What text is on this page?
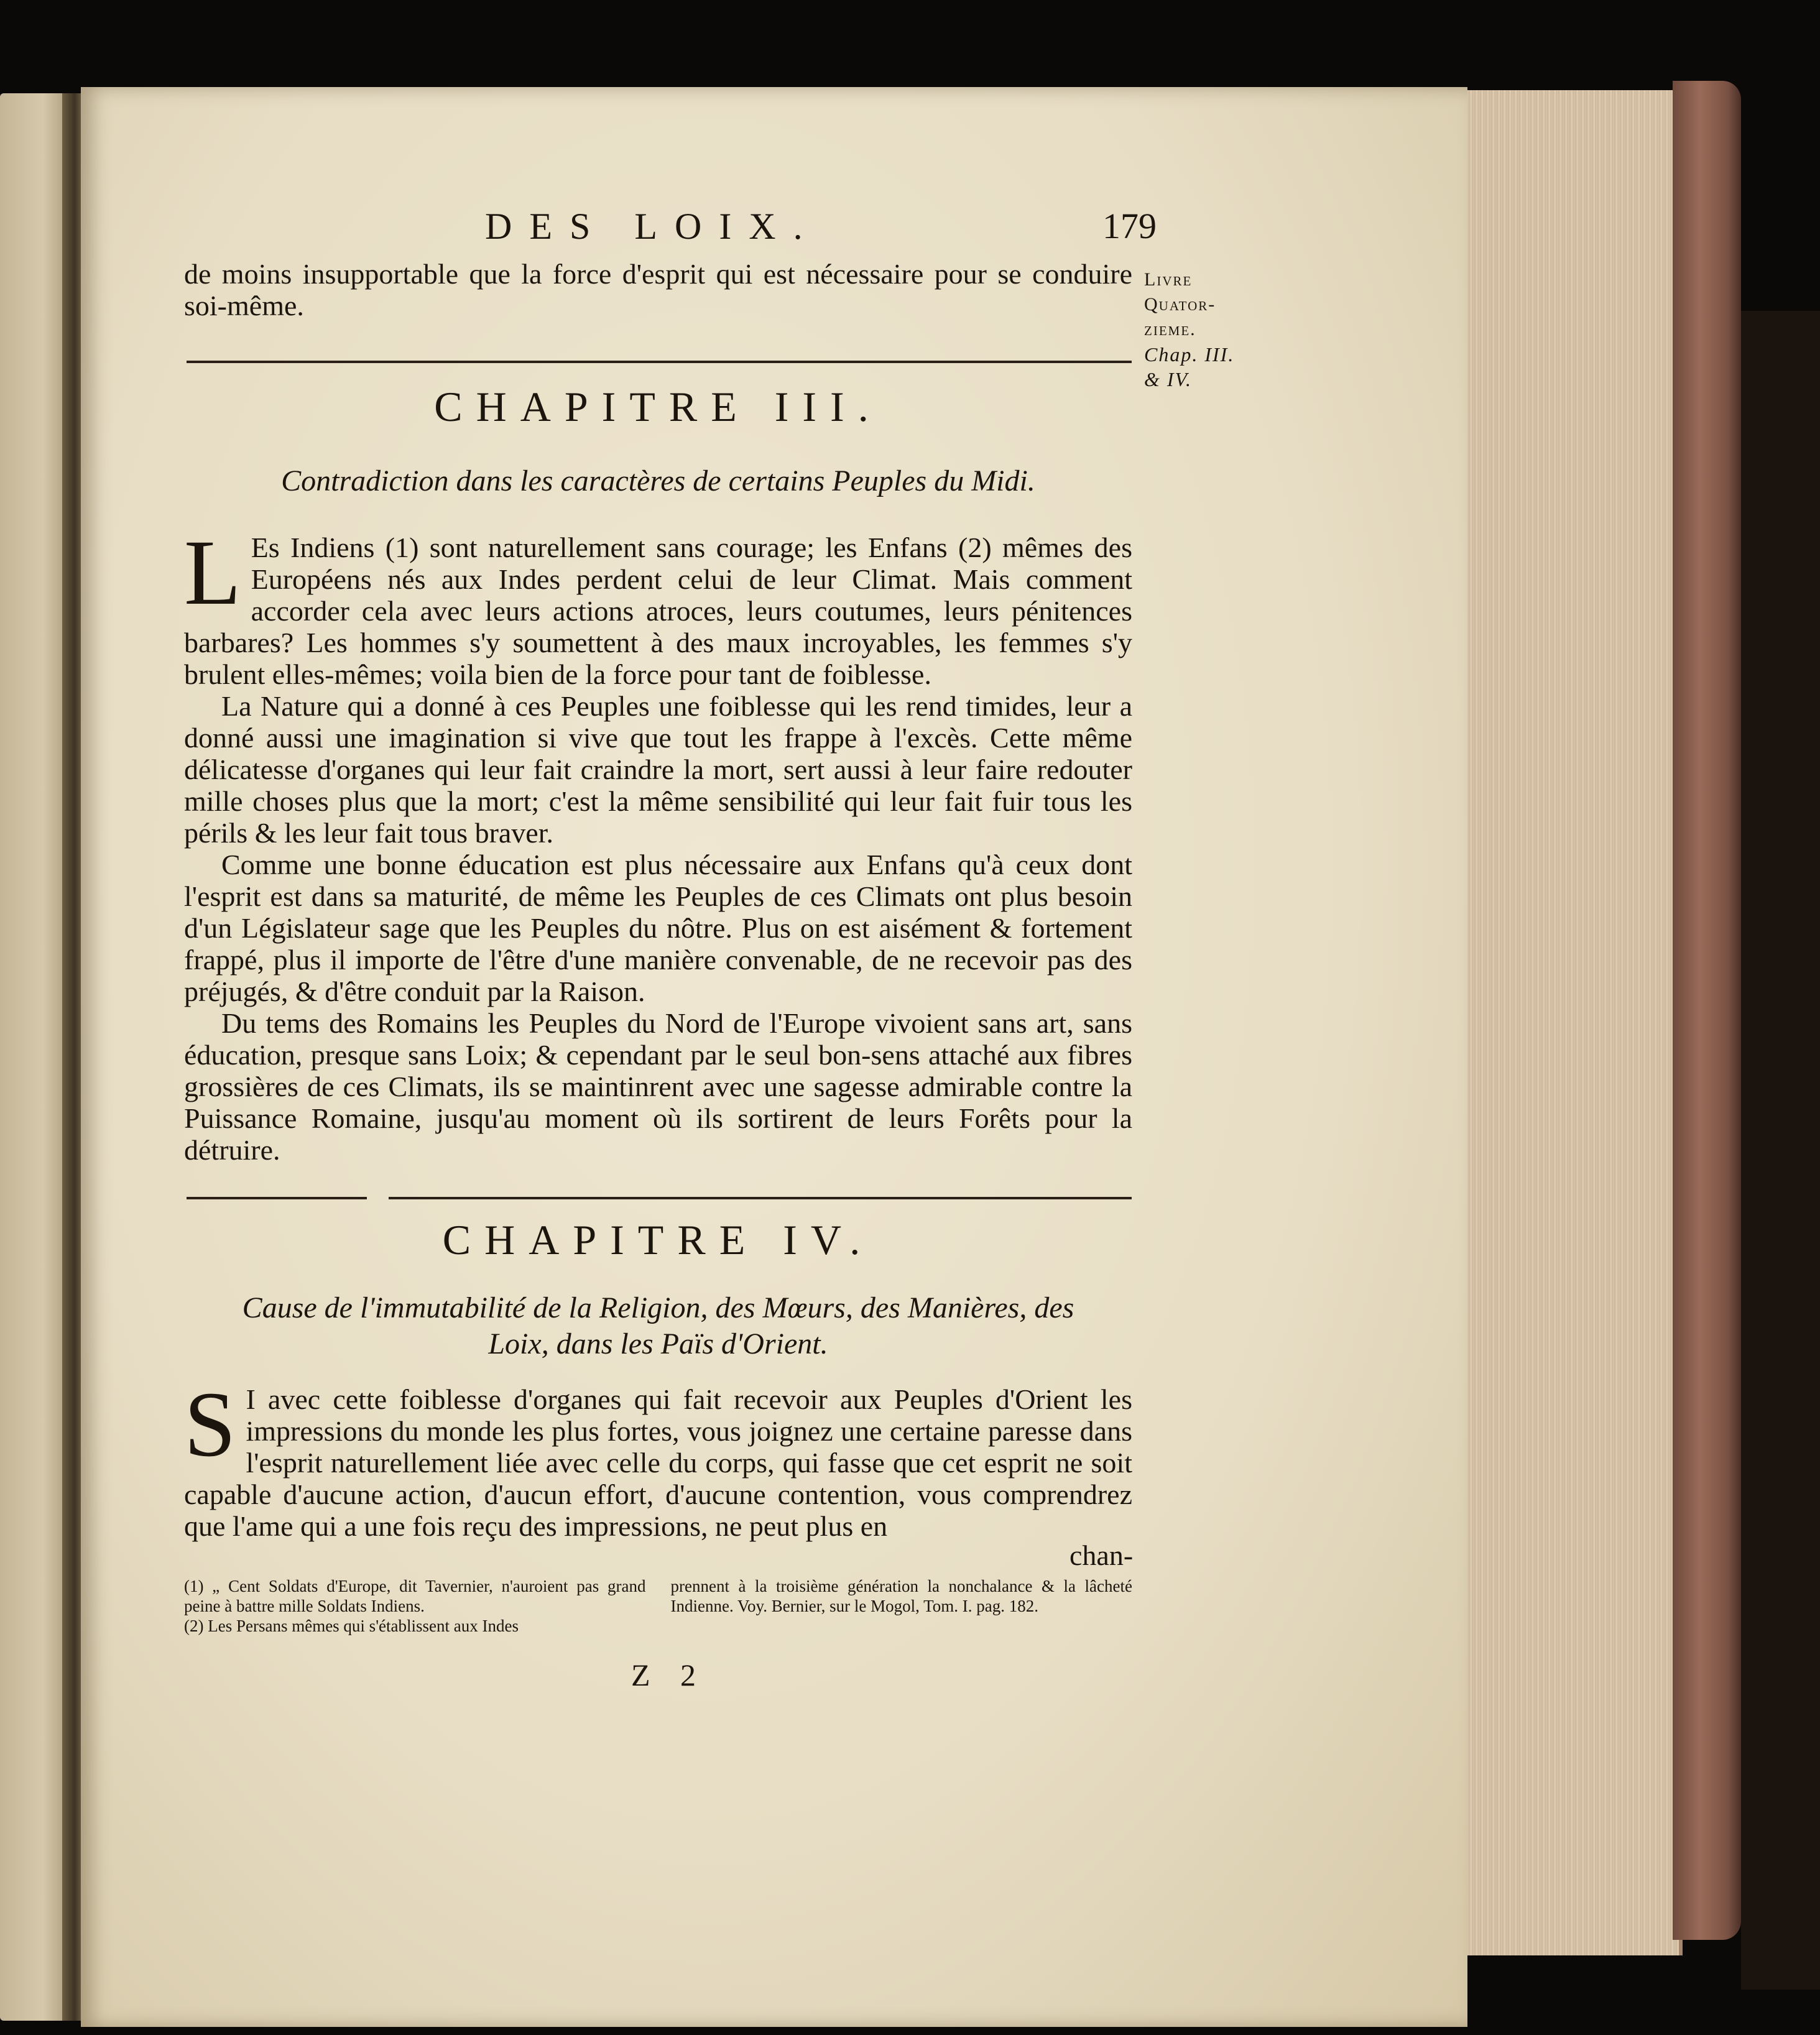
DES LOIX.	179
Livre
Quator-
zieme.
Chap. III.
& IV.

de moins insupportable que la force d'esprit qui est nécessaire pour se conduire soi-même.

CHAPITRE III.
Contradiction dans les caractères de certains Peuples du Midi.

L Es Indiens (1) sont naturellement sans courage; les Enfans (2) mêmes des Européens nés aux Indes perdent celui de leur Climat. Mais comment accorder cela avec leurs actions atroces, leurs coutumes, leurs pénitences barbares? Les hommes s'y soumettent à des maux incroyables, les femmes s'y brulent elles-mêmes; voila bien de la force pour tant de foiblesse.

La Nature qui a donné à ces Peuples une foiblesse qui les rend timides, leur a donné aussi une imagination si vive que tout les frappe à l'excès. Cette même délicatesse d'organes qui leur fait craindre la mort, sert aussi à leur faire redouter mille choses plus que la mort; c'est la même sensibilité qui leur fait fuir tous les périls & les leur fait tous braver.

Comme une bonne éducation est plus nécessaire aux Enfans qu'à ceux dont l'esprit est dans sa maturité, de même les Peuples de ces Climats ont plus besoin d'un Législateur sage que les Peuples du nôtre. Plus on est aisément & fortement frappé, plus il importe de l'être d'une manière convenable, de ne recevoir pas des préjugés, & d'être conduit par la Raison.

Du tems des Romains les Peuples du Nord de l'Europe vivoient sans art, sans éducation, presque sans Loix; & cependant par le seul bon-sens attaché aux fibres grossières de ces Climats, ils se maintinrent avec une sagesse admirable contre la Puissance Romaine, jusqu'au moment où ils sortirent de leurs Forêts pour la détruire.

CHAPITRE IV.
Cause de l'immutabilité de la Religion, des Mœurs, des Manières, des
Loix, dans les Païs d'Orient.

S I avec cette foiblesse d'organes qui fait recevoir aux Peuples d'Orient les impressions du monde les plus fortes, vous joignez une certaine paresse dans l'esprit naturellement liée avec celle du corps, qui fasse que cet esprit ne soit capable d'aucune action, d'aucun effort, d'aucune contention, vous comprendrez que l'ame qui a une fois reçu des impressions, ne peut plus en

chan-

(1) „ Cent Soldats d'Europe, dit Tavernier, n'auroient pas grand peine à battre mille Soldats Indiens.

(2) Les Persans mêmes qui s'établissent aux Indes

prennent à la troisième génération la nonchalance & la lâcheté Indienne. Voy. Bernier, sur le Mogol, Tom. I. pag. 182.

Z 2
